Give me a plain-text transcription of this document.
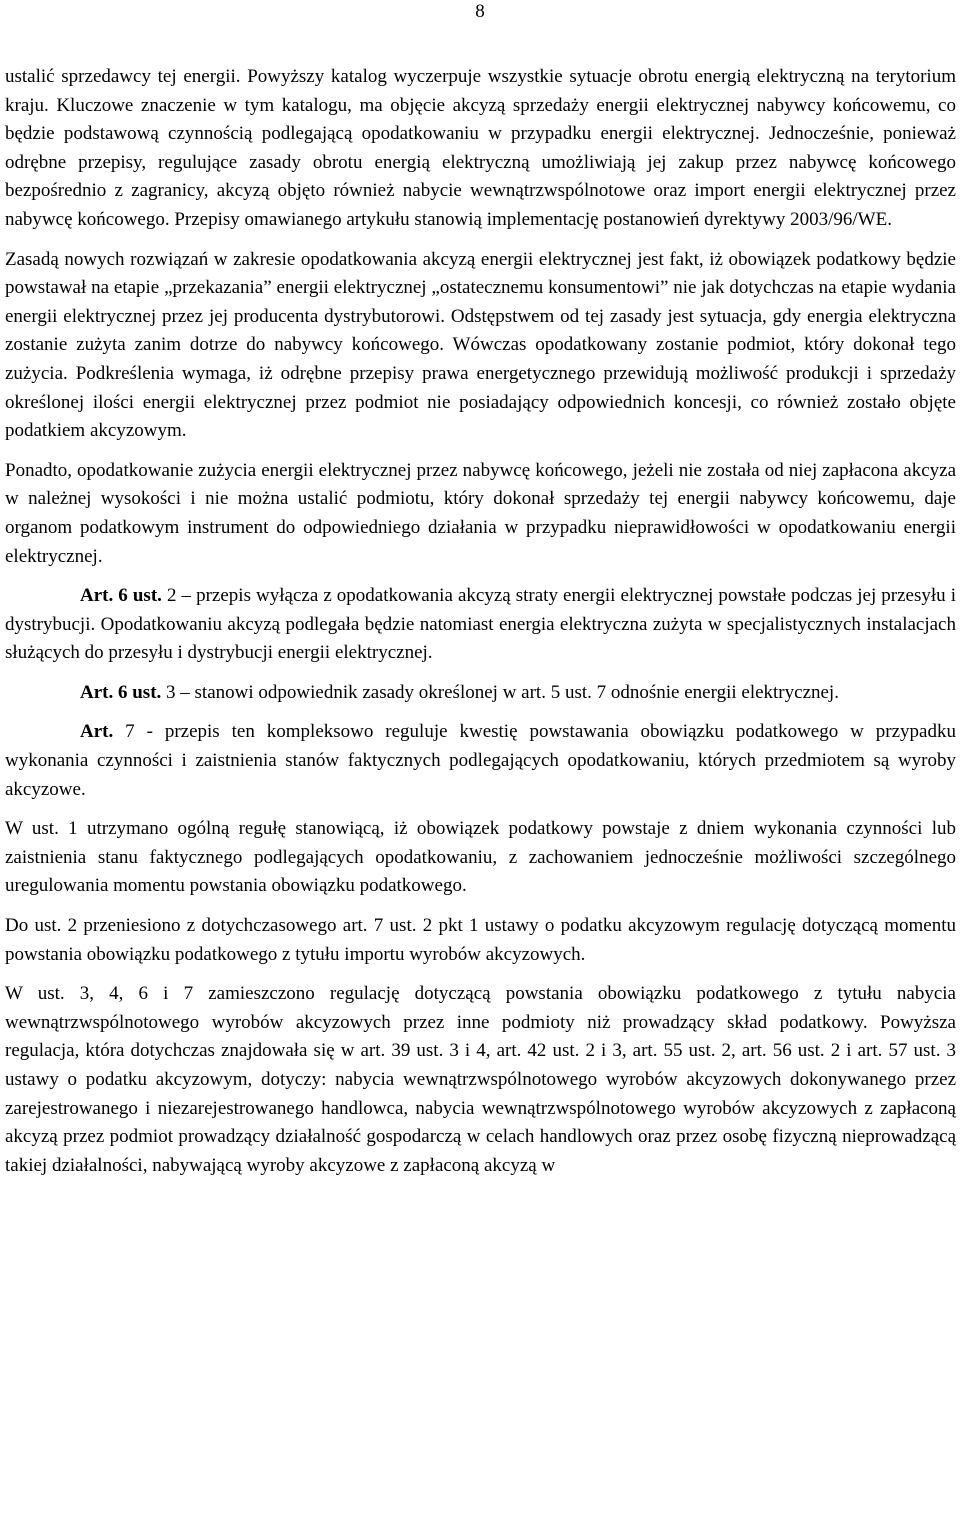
8

ustalić sprzedawcy tej energii. Powyższy katalog wyczerpuje wszystkie sytuacje obrotu energią elektryczną na terytorium kraju. Kluczowe znaczenie w tym katalogu, ma objęcie akcyzą sprzedaży energii elektrycznej nabywcy końcowemu, co będzie podstawową czynnością podlegającą opodatkowaniu w przypadku energii elektrycznej. Jednocześnie, ponieważ odrębne przepisy, regulujące zasady obrotu energią elektryczną umożliwiają jej zakup przez nabywcę końcowego bezpośrednio z zagranicy, akcyzą objęto również nabycie wewnątrzwspólnotowe oraz import energii elektrycznej przez nabywcę końcowego. Przepisy omawianego artykułu stanowią implementację postanowień dyrektywy 2003/96/WE.

Zasadą nowych rozwiązań w zakresie opodatkowania akcyzą energii elektrycznej jest fakt, iż obowiązek podatkowy będzie powstawał na etapie „przekazania” energii elektrycznej „ostatecznemu konsumentowi” nie jak dotychczas na etapie wydania energii elektrycznej przez jej producenta dystrybutorowi. Odstępstwem od tej zasady jest sytuacja, gdy energia elektryczna zostanie zużyta zanim dotrze do nabywcy końcowego. Wówczas opodatkowany zostanie podmiot, który dokonał tego zużycia. Podkreślenia wymaga, iż odrębne przepisy prawa energetycznego przewidują możliwość produkcji i sprzedaży określonej ilości energii elektrycznej przez podmiot nie posiadający odpowiednich koncesji, co również zostało objęte podatkiem akcyzowym.

Ponadto, opodatkowanie zużycia energii elektrycznej przez nabywcę końcowego, jeżeli nie została od niej zapłacona akcyza w należnej wysokości i nie można ustalić podmiotu, który dokonał sprzedaży tej energii nabywcy końcowemu, daje organom podatkowym instrument do odpowiedniego działania w przypadku nieprawidłowości w opodatkowaniu energii elektrycznej.

Art. 6 ust. 2 – przepis wyłącza z opodatkowania akcyzą straty energii elektrycznej powstałe podczas jej przesyłu i dystrybucji. Opodatkowaniu akcyzą podlegała będzie natomiast energia elektryczna zużyta w specjalistycznych instalacjach służących do przesyłu i dystrybucji energii elektrycznej.

Art. 6 ust. 3 – stanowi odpowiednik zasady określonej w art. 5 ust. 7 odnośnie energii elektrycznej.

Art. 7 - przepis ten kompleksowo reguluje kwestię powstawania obowiązku podatkowego w przypadku wykonania czynności i zaistnienia stanów faktycznych podlegających opodatkowaniu, których przedmiotem są wyroby akcyzowe.

W ust. 1 utrzymano ogólną regułę stanowiącą, iż obowiązek podatkowy powstaje z dniem wykonania czynności lub zaistnienia stanu faktycznego podlegających opodatkowaniu, z zachowaniem jednocześnie możliwości szczególnego uregulowania momentu powstania obowiązku podatkowego.

Do ust. 2 przeniesiono z dotychczasowego art. 7 ust. 2 pkt 1 ustawy o podatku akcyzowym regulację dotyczącą momentu powstania obowiązku podatkowego z tytułu importu wyrobów akcyzowych.

W ust. 3, 4, 6 i 7 zamieszczono regulację dotyczącą powstania obowiązku podatkowego z tytułu nabycia wewnątrzwspólnotowego wyrobów akcyzowych przez inne podmioty niż prowadzący skład podatkowy. Powyższa regulacja, która dotychczas znajdowała się w art. 39 ust. 3 i 4, art. 42 ust. 2 i 3, art. 55 ust. 2, art. 56 ust. 2 i art. 57 ust. 3 ustawy o podatku akcyzowym, dotyczy: nabycia wewnątrzwspólnotowego wyrobów akcyzowych dokonywanego przez zarejestrowanego i niezarejestrowanego handlowca, nabycia wewnątrzwspólnotowego wyrobów akcyzowych z zapłaconą akcyzą przez podmiot prowadzący działalność gospodarczą w celach handlowych oraz przez osobę fizyczną nieprowadzącą takiej działalności, nabywającą wyroby akcyzowe z zapłaconą akcyzą w
